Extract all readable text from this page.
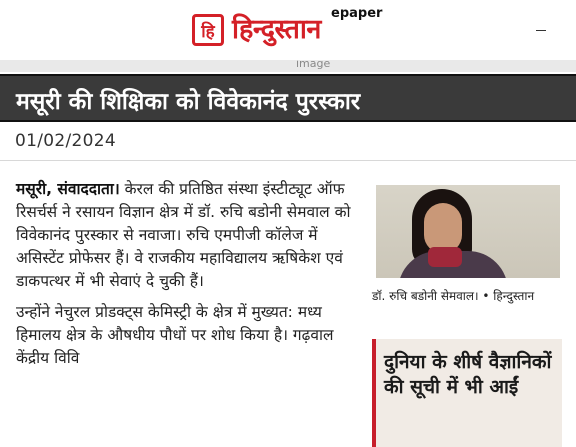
हि हिन्दुस्तान
epaper
image
मसूरी की शिक्षिका को विवेकानंद पुरस्कार
01/02/2024

मसूरी, संवाददाता। केरल की प्रतिष्ठित संस्था इंस्टीट्यूट ऑफ रिसर्चर्स ने रसायन विज्ञान क्षेत्र में डॉ. रुचि बडोनी सेमवाल को विवेकानंद पुरस्कार से नवाजा। रुचि एमपीजी कॉलेज में असिस्टेंट प्रोफेसर हैं। वे राजकीय महाविद्यालय ऋषिकेश एवं डाकपत्थर में भी सेवाएं दे चुकी हैं।

उन्होंने नेचुरल प्रोडक्ट्स केमिस्ट्री के क्षेत्र में मुख्यत: मध्य हिमालय क्षेत्र के औषधीय पौधों पर शोध किया है। गढ़वाल केंद्रीय विवि

डॉ. रुचि बडोनी सेमवाल। • हिन्दुस्तान
दुनिया के शीर्ष वैज्ञानिकों की सूची में भी आईं
